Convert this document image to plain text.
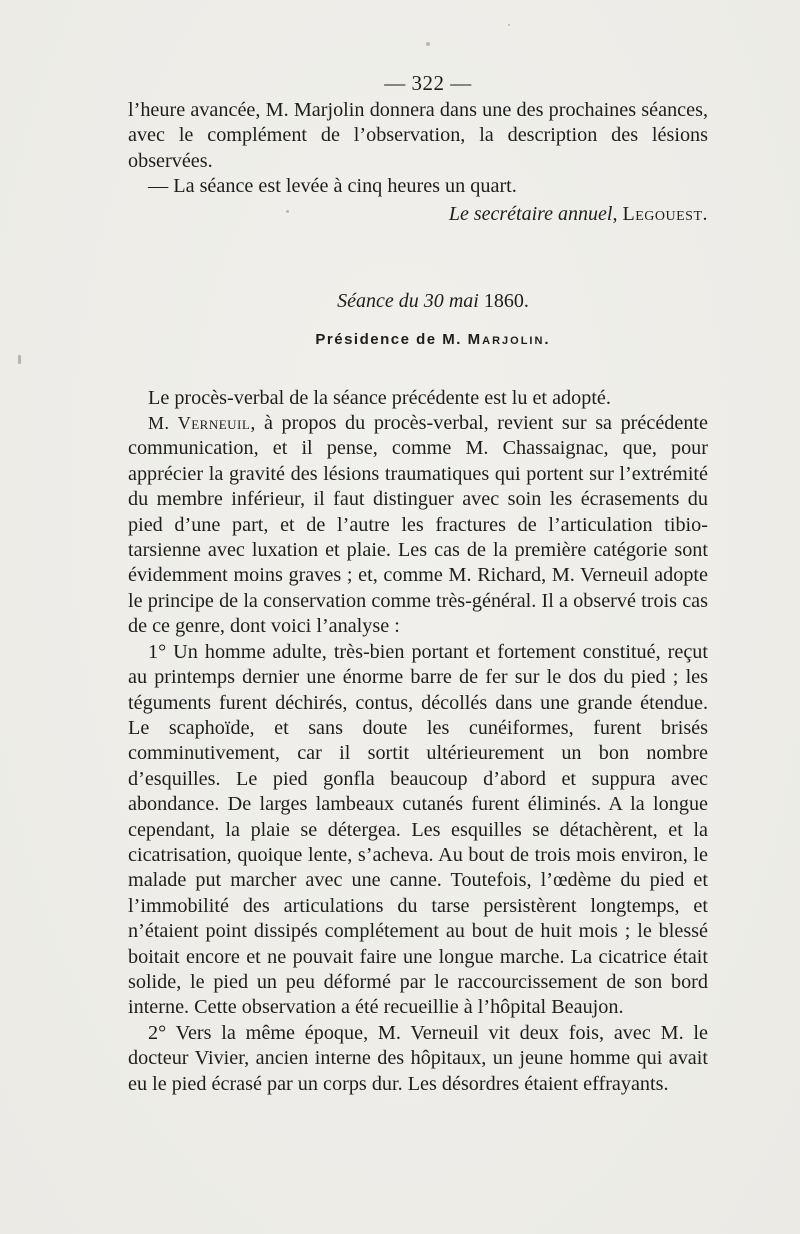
— 322 —

l’heure avancée, M. Marjolin donnera dans une des prochaines séances, avec le complément de l’observation, la description des lésions observées.

— La séance est levée à cinq heures un quart.

Le secrétaire annuel, Legouest.
Séance du 30 mai 1860.
Présidence de M. Marjolin.

Le procès-verbal de la séance précédente est lu et adopté.

M. Verneuil, à propos du procès-verbal, revient sur sa précédente communication, et il pense, comme M. Chassaignac, que, pour apprécier la gravité des lésions traumatiques qui portent sur l’extrémité du membre inférieur, il faut distinguer avec soin les écrasements du pied d’une part, et de l’autre les fractures de l’articulation tibio-tarsienne avec luxation et plaie. Les cas de la première catégorie sont évidemment moins graves ; et, comme M. Richard, M. Verneuil adopte le principe de la conservation comme très-général. Il a observé trois cas de ce genre, dont voici l’analyse :

1° Un homme adulte, très-bien portant et fortement constitué, reçut au printemps dernier une énorme barre de fer sur le dos du pied ; les téguments furent déchirés, contus, décollés dans une grande étendue. Le scaphoïde, et sans doute les cunéiformes, furent brisés comminutivement, car il sortit ultérieurement un bon nombre d’esquilles. Le pied gonfla beaucoup d’abord et suppura avec abondance. De larges lambeaux cutanés furent éliminés. A la longue cependant, la plaie se détergea. Les esquilles se détachèrent, et la cicatrisation, quoique lente, s’acheva. Au bout de trois mois environ, le malade put marcher avec une canne. Toutefois, l’œdème du pied et l’immobilité des articulations du tarse persistèrent longtemps, et n’étaient point dissipés complétement au bout de huit mois ; le blessé boitait encore et ne pouvait faire une longue marche. La cicatrice était solide, le pied un peu déformé par le raccourcissement de son bord interne. Cette observation a été recueillie à l’hôpital Beaujon.

2° Vers la même époque, M. Verneuil vit deux fois, avec M. le docteur Vivier, ancien interne des hôpitaux, un jeune homme qui avait eu le pied écrasé par un corps dur. Les désordres étaient effrayants.
